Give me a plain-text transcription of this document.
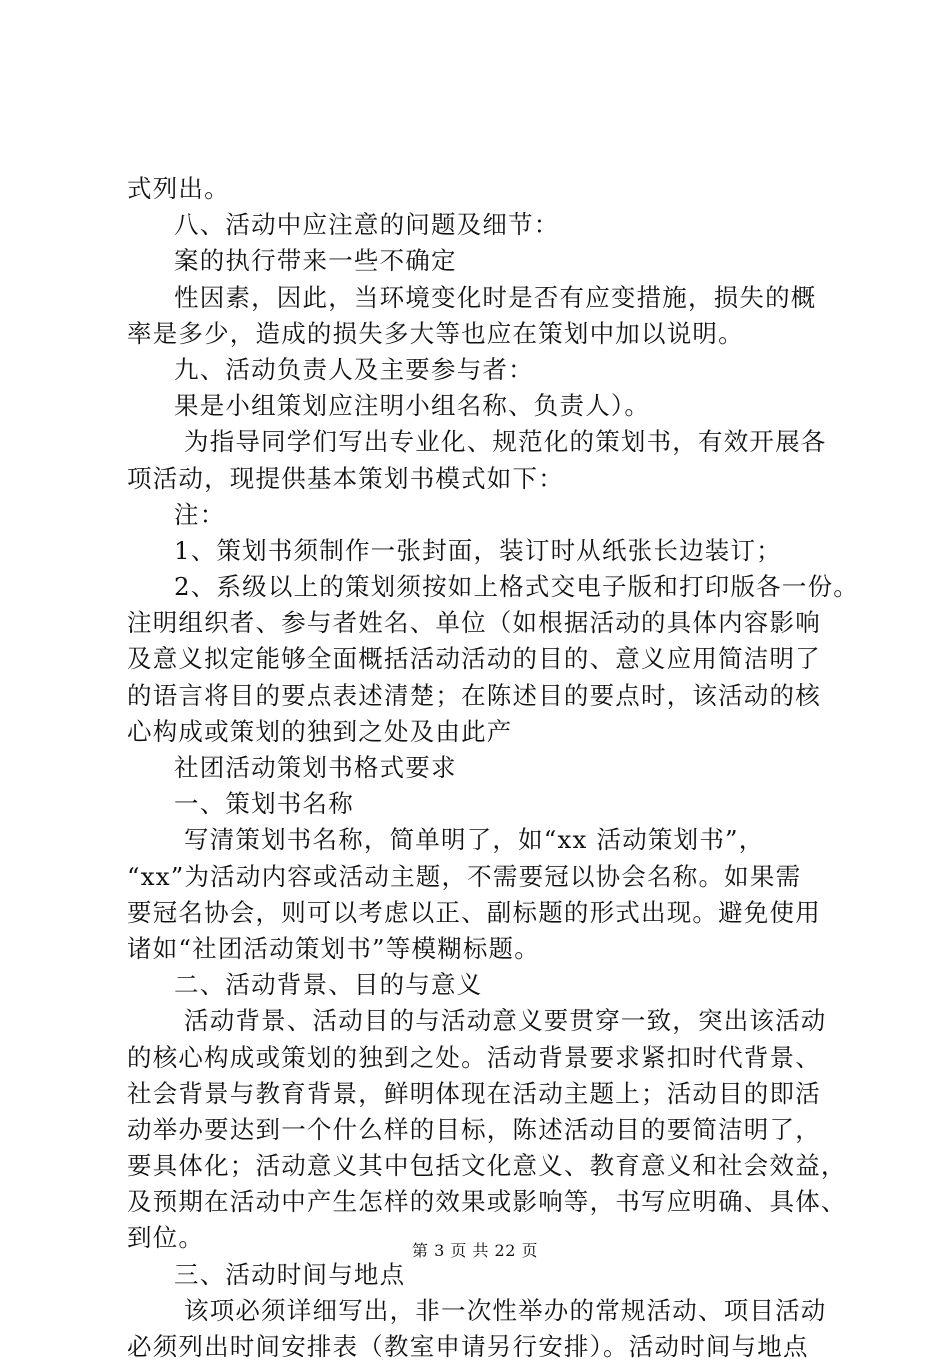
式列出。
八、活动中应注意的问题及细节：
案的执行带来一些不确定
性因素，因此，当环境变化时是否有应变措施，损失的概
率是多少，造成的损失多大等也应在策划中加以说明。
九、活动负责人及主要参与者：
果是小组策划应注明小组名称、负责人）。
为指导同学们写出专业化、规范化的策划书，有效开展各
项活动，现提供基本策划书模式如下：
注：
1、策划书须制作一张封面，装订时从纸张长边装订；
2、系级以上的策划须按如上格式交电子版和打印版各一份。
注明组织者、参与者姓名、单位（如根据活动的具体内容影响
及意义拟定能够全面概括活动活动的目的、意义应用简洁明了
的语言将目的要点表述清楚；在陈述目的要点时，该活动的核
心构成或策划的独到之处及由此产
社团活动策划书格式要求
一、策划书名称
写清策划书名称，简单明了，如“xx 活动策划书”，
“xx”为活动内容或活动主题，不需要冠以协会名称。如果需
要冠名协会，则可以考虑以正、副标题的形式出现。避免使用
诸如“社团活动策划书”等模糊标题。
二、活动背景、目的与意义
活动背景、活动目的与活动意义要贯穿一致，突出该活动
的核心构成或策划的独到之处。活动背景要求紧扣时代背景、
社会背景与教育背景，鲜明体现在活动主题上；活动目的即活
动举办要达到一个什么样的目标，陈述活动目的要简洁明了，
要具体化；活动意义其中包括文化意义、教育意义和社会效益，
及预期在活动中产生怎样的效果或影响等，书写应明确、具体、
到位。
三、活动时间与地点
该项必须详细写出，非一次性举办的常规活动、项目活动
必须列出时间安排表（教室申请另行安排）。活动时间与地点
第 3 页 共 22 页
